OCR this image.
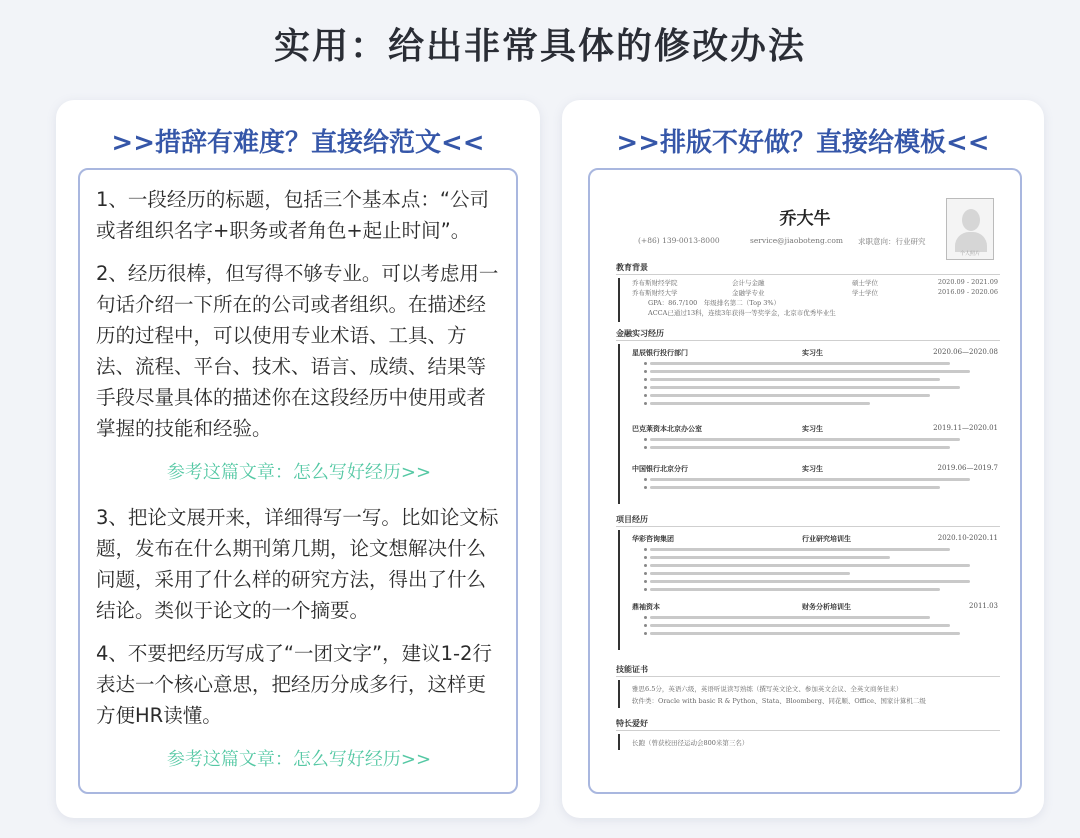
实用：给出非常具体的修改办法
>>措辞有难度？直接给范文<<

1、一段经历的标题，包括三个基本点：“公司或者组织名字+职务或者角色+起止时间”。

2、经历很棒，但写得不够专业。可以考虑用一句话介绍一下所在的公司或者组织。在描述经历的过程中，可以使用专业术语、工具、方法、流程、平台、技术、语言、成绩、结果等手段尽量具体的描述你在这段经历中使用或者掌握的技能和经验。

参考这篇文章：怎么写好经历>>

3、把论文展开来，详细得写一写。比如论文标题，发布在什么期刊第几期，论文想解决什么问题，采用了什么样的研究方法，得出了什么结论。类似于论文的一个摘要。

4、不要把经历写成了“一团文字”，建议1-2行表达一个核心意思，把经历分成多行，这样更方便HR读懂。

参考这篇文章：怎么写好经历>>
>>排版不好做？直接给模板<<
乔大牛
(+86) 139-0013-8000	service@jiaoboteng.com 求职意向：行业研究
个人照片
教育背景
乔布斯财经学院	会计与金融	硕士学位	2020.09 - 2021.09
乔布斯财经大学	金融学专业	学士学位	2016.09 - 2020.06
GPA：86.7/100　年级排名第二（Top 3%）
ACCA已通过13科，连续3年获得一等奖学金，北京市优秀毕业生
金融实习经历
星辰银行投行部门	实习生	2020.06—2020.08
巴克莱资本北京办公室	实习生	2019.11—2020.01
中国银行北京分行	实习生	2019.06—2019.7
项目经历
华彩咨询集团	行业研究培训生	2020.10-2020.11
鼎袖资本	财务分析培训生	2011.03
技能证书
雅思6.5分，英语六级，英语听说读写熟练（撰写英文论文、参加英文会议、全英文商务往来）
软件类：Oracle with basic R & Python、Stata、Bloomberg、同花顺、Office、国家计算机二级
特长爱好
长跑（曾获校田径运动会800米第三名）
